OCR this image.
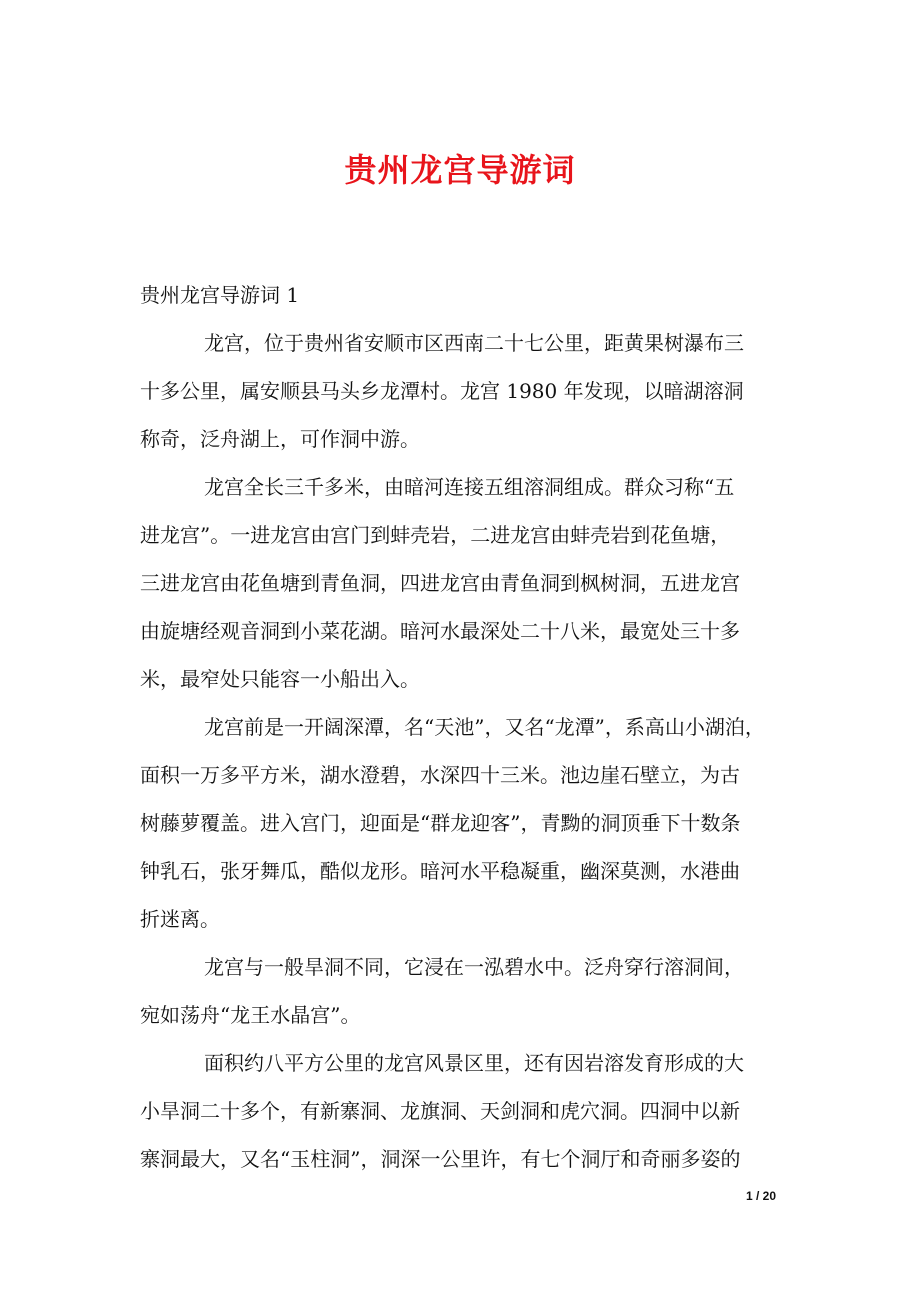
贵州龙宫导游词
贵州龙宫导游词 1
龙宫，位于贵州省安顺市区西南二十七公里，距黄果树瀑布三
十多公里，属安顺县马头乡龙潭村。龙宫 1980 年发现，以暗湖溶洞
称奇，泛舟湖上，可作洞中游。
龙宫全长三千多米，由暗河连接五组溶洞组成。群众习称“五
进龙宫”。一进龙宫由宫门到蚌壳岩，二进龙宫由蚌壳岩到花鱼塘，
三进龙宫由花鱼塘到青鱼洞，四进龙宫由青鱼洞到枫树洞，五进龙宫
由旋塘经观音洞到小菜花湖。暗河水最深处二十八米，最宽处三十多
米，最窄处只能容一小船出入。
龙宫前是一开阔深潭，名“天池”，又名“龙潭”，系高山小湖泊，
面积一万多平方米，湖水澄碧，水深四十三米。池边崖石壁立，为古
树藤萝覆盖。进入宫门，迎面是“群龙迎客”，青黝的洞顶垂下十数条
钟乳石，张牙舞瓜，酷似龙形。暗河水平稳凝重，幽深莫测，水港曲
折迷离。
龙宫与一般旱洞不同，它浸在一泓碧水中。泛舟穿行溶洞间，
宛如荡舟“龙王水晶宫”。
面积约八平方公里的龙宫风景区里，还有因岩溶发育形成的大
小旱洞二十多个，有新寨洞、龙旗洞、天剑洞和虎穴洞。四洞中以新
寨洞最大，又名“玉柱洞”，洞深一公里许，有七个洞厅和奇丽多姿的
1 / 20
